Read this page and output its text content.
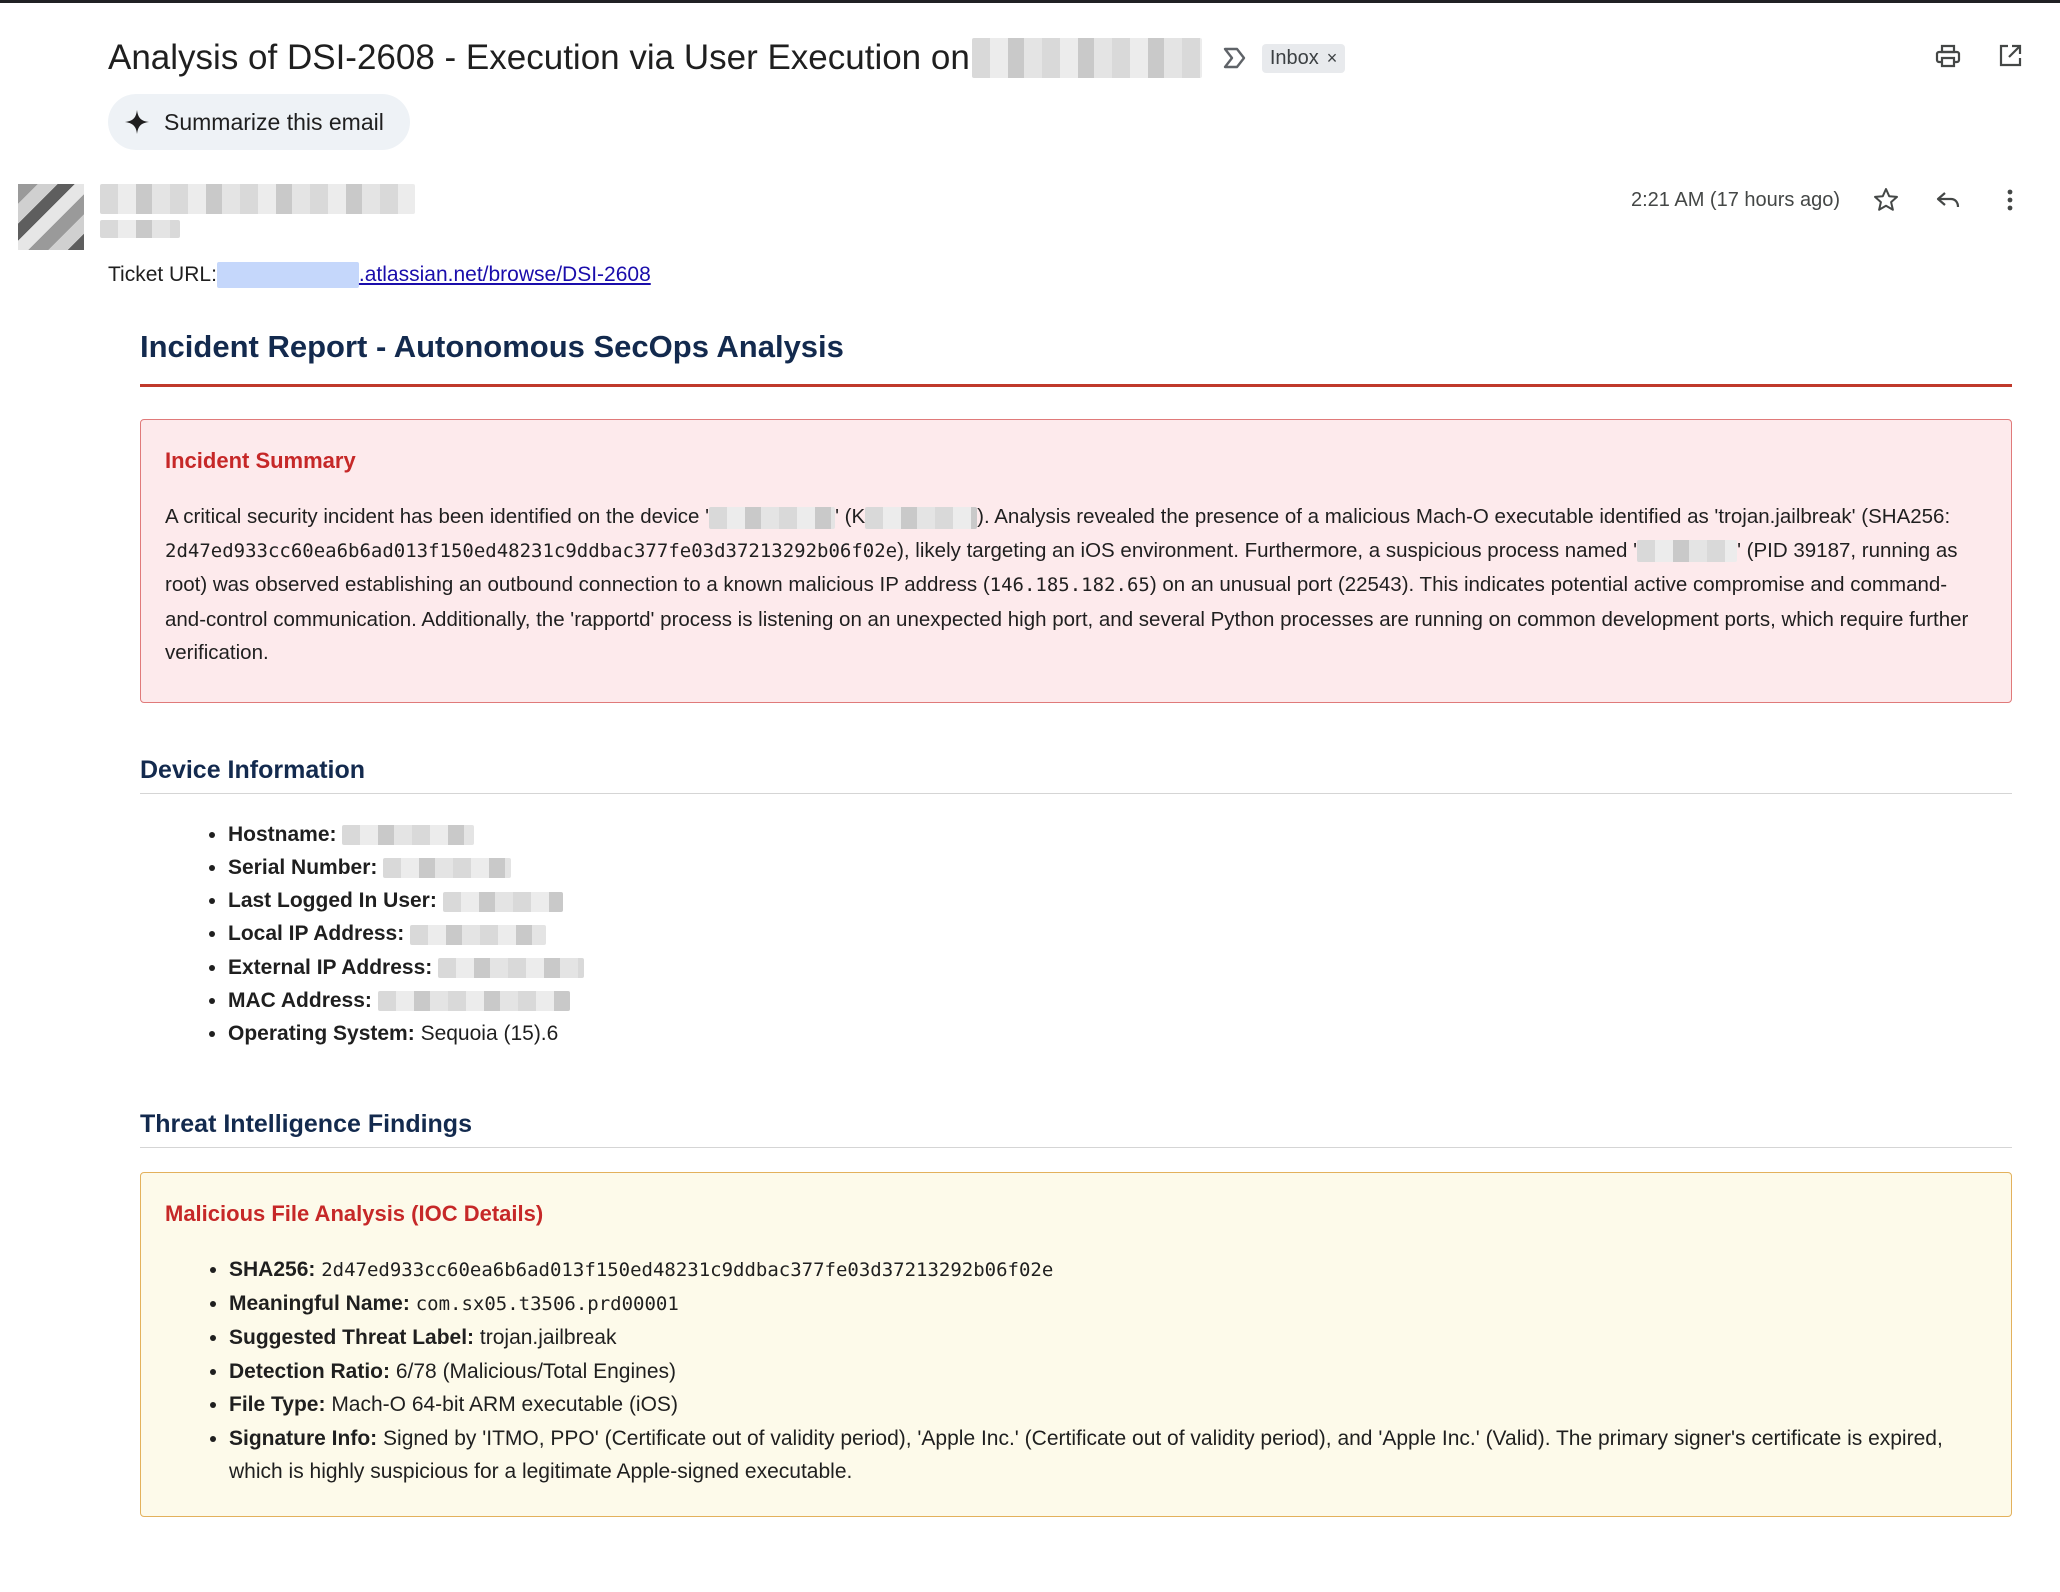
Analysis of DSI-2608 - Execution via User Execution on	Inbox ×
Summarize this email
2:21 AM (17 hours ago)
Ticket URL:	.atlassian.net/browse/DSI-2608
Incident Report - Autonomous SecOps Analysis
Incident Summary

A critical security incident has been identified on the device '	' (K	). Analysis revealed the presence of a malicious Mach-O executable identified as 'trojan.jailbreak' (SHA256: 2d47ed933cc60ea6b6ad013f150ed48231c9ddbac377fe03d37213292b06f02e), likely targeting an iOS environment. Furthermore, a suspicious process named '	' (PID 39187, running as root) was observed establishing an outbound connection to a known malicious IP address (146.185.182.65) on an unusual port (22543). This indicates potential active compromise and command-and-control communication. Additionally, the 'rapportd' process is listening on an unexpected high port, and several Python processes are running on common development ports, which require further verification.

Device Information
• Hostname:
• Serial Number:
• Last Logged In User:
• Local IP Address:
• External IP Address:
• MAC Address:
• Operating System: Sequoia (15).6
Threat Intelligence Findings
Malicious File Analysis (IOC Details)
• SHA256: 2d47ed933cc60ea6b6ad013f150ed48231c9ddbac377fe03d37213292b06f02e
• Meaningful Name: com.sx05.t3506.prd00001
• Suggested Threat Label: trojan.jailbreak
• Detection Ratio: 6/78 (Malicious/Total Engines)
• File Type: Mach-O 64-bit ARM executable (iOS)
• Signature Info: Signed by 'ITMO, PPO' (Certificate out of validity period), 'Apple Inc.' (Certificate out of validity period), and 'Apple Inc.' (Valid). The primary signer's certificate is expired, which is highly suspicious for a legitimate Apple-signed executable.
